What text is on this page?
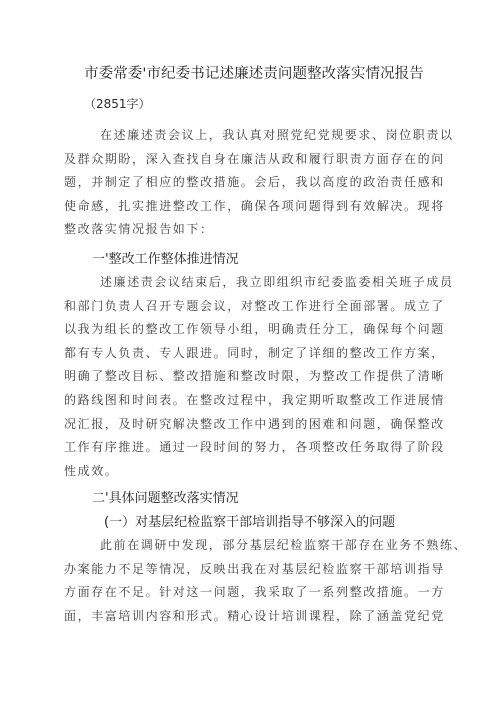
市委常委'市纪委书记述廉述责问题整改落实情况报告
（2851字）
在述廉述责会议上，我认真对照党纪党规要求、岗位职责以
及群众期盼，深入查找自身在廉洁从政和履行职责方面存在的问
题，并制定了相应的整改措施。会后，我以高度的政治责任感和
使命感，扎实推进整改工作，确保各项问题得到有效解决。现将
整改落实情况报告如下：
一'整改工作整体推进情况
述廉述责会议结束后，我立即组织市纪委监委相关班子成员
和部门负责人召开专题会议，对整改工作进行全面部署。成立了
以我为组长的整改工作领导小组，明确责任分工，确保每个问题
都有专人负责、专人跟进。同时，制定了详细的整改工作方案，
明确了整改目标、整改措施和整改时限，为整改工作提供了清晰
的路线图和时间表。在整改过程中，我定期听取整改工作进展情
况汇报，及时研究解决整改工作中遇到的困难和问题，确保整改
工作有序推进。通过一段时间的努力，各项整改任务取得了阶段
性成效。
二'具体问题整改落实情况
(一）对基层纪检监察干部培训指导不够深入的问题
此前在调研中发现，部分基层纪检监察干部存在业务不熟练、
办案能力不足等情况，反映出我在对基层纪检监察干部培训指导
方面存在不足。针对这一问题，我采取了一系列整改措施。一方
面，丰富培训内容和形式。精心设计培训课程，除了涵盖党纪党
